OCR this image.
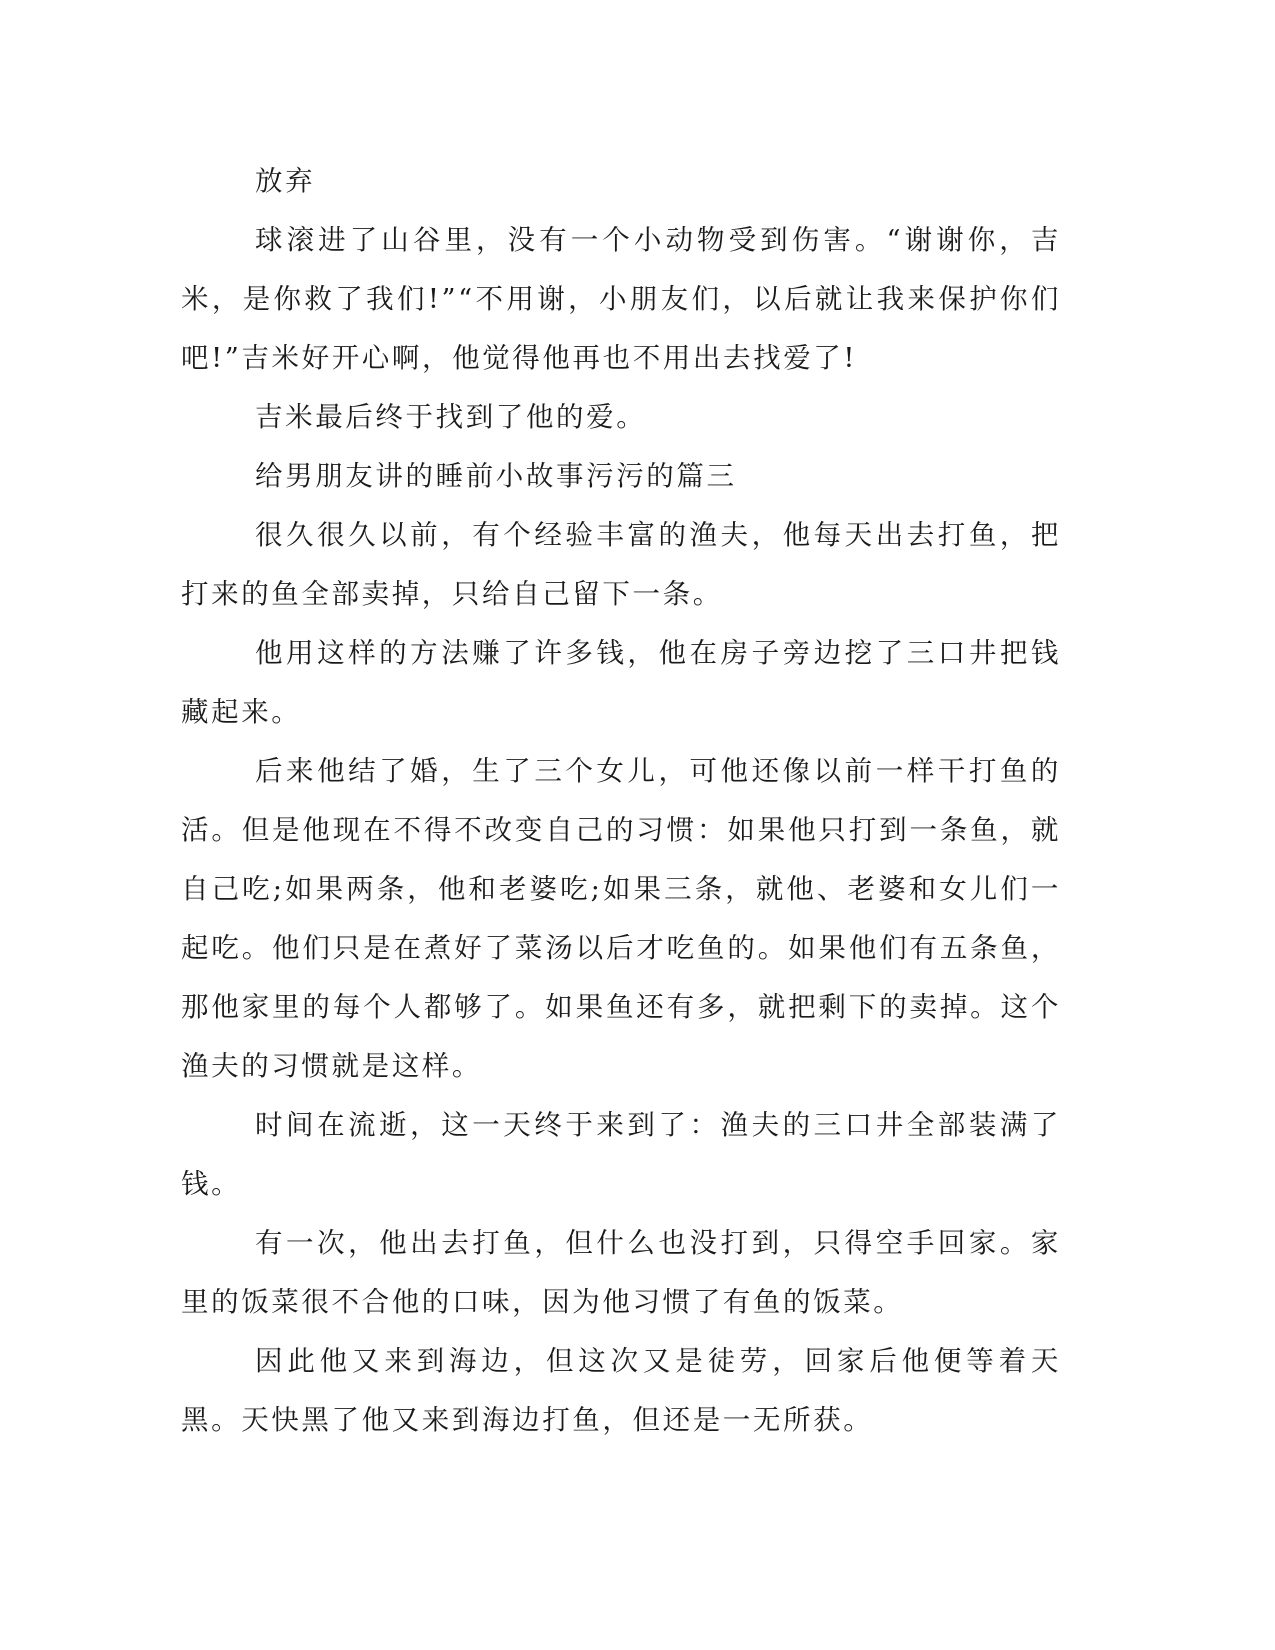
放弃

球滚进了山谷里，没有一个小动物受到伤害。“谢谢你，吉米，是你救了我们!”“不用谢，小朋友们，以后就让我来保护你们吧!”吉米好开心啊，他觉得他再也不用出去找爱了!

吉米最后终于找到了他的爱。

给男朋友讲的睡前小故事污污的篇三

很久很久以前，有个经验丰富的渔夫，他每天出去打鱼，把打来的鱼全部卖掉，只给自己留下一条。

他用这样的方法赚了许多钱，他在房子旁边挖了三口井把钱藏起来。

后来他结了婚，生了三个女儿，可他还像以前一样干打鱼的活。但是他现在不得不改变自己的习惯：如果他只打到一条鱼，就自己吃;如果两条，他和老婆吃;如果三条，就他、老婆和女儿们一起吃。他们只是在煮好了菜汤以后才吃鱼的。如果他们有五条鱼，那他家里的每个人都够了。如果鱼还有多，就把剩下的卖掉。这个渔夫的习惯就是这样。

时间在流逝，这一天终于来到了：渔夫的三口井全部装满了钱。

有一次，他出去打鱼，但什么也没打到，只得空手回家。家里的饭菜很不合他的口味，因为他习惯了有鱼的饭菜。

因此他又来到海边，但这次又是徒劳，回家后他便等着天黑。天快黑了他又来到海边打鱼，但还是一无所获。
